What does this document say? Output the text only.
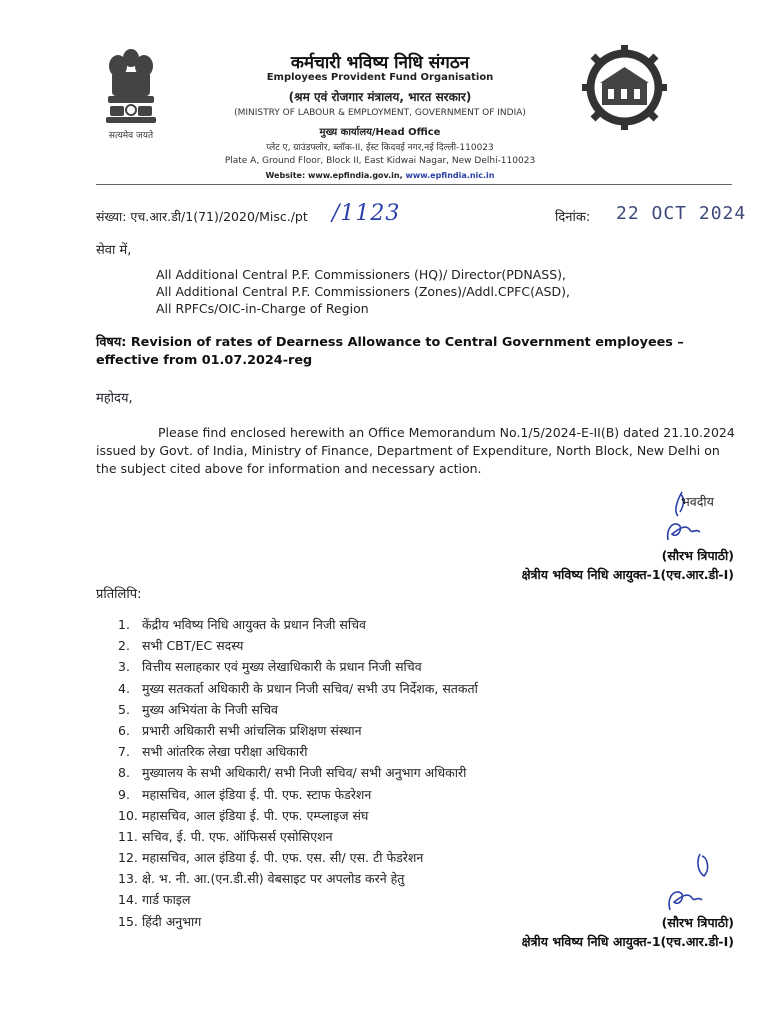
सत्यमेव जयते
कर्मचारी भविष्य निधि संगठन
Employees Provident Fund Organisation
(श्रम एवं रोजगार मंत्रालय, भारत सरकार)
(MINISTRY OF LABOUR & EMPLOYMENT, GOVERNMENT OF INDIA)
मुख्य कार्यालय/Head Office
प्लेट ए, ग्राउंडफ्लोर, ब्लॉक-II, ईस्ट किदवई नगर,नई दिल्ली-110023
Plate A, Ground Floor, Block II, East Kidwai Nagar, New Delhi-110023
Website: www.epfindia.gov.in, www.epfindia.nic.in
संख्या: एच.आर.डी/1(71)/2020/Misc./pt /1123	दिनांक: 22 OCT 2024
सेवा में,
All Additional Central P.F. Commissioners (HQ)/ Director(PDNASS),
All Additional Central P.F. Commissioners (Zones)/Addl.CPFC(ASD),
All RPFCs/OIC-in-Charge of Region
विषय: Revision of rates of Dearness Allowance to Central Government employees –effective from 01.07.2024-reg
महोदय,
Please find enclosed herewith an Office Memorandum No.1/5/2024-E-II(B) dated 21.10.2024 issued by Govt. of India, Ministry of Finance, Department of Expenditure, North Block, New Delhi on the subject cited above for information and necessary action.
भवदीय
(सौरभ त्रिपाठी)
क्षेत्रीय भविष्य निधि आयुक्त-1(एच.आर.डी-I)
प्रतिलिपि:
1. केंद्रीय भविष्य निधि आयुक्त के प्रधान निजी सचिव
2. सभी CBT/EC सदस्य
3. वित्तीय सलाहकार एवं मुख्य लेखाधिकारी के प्रधान निजी सचिव
4. मुख्य सतकर्ता अधिकारी के प्रधान निजी सचिव/ सभी उप निर्देशक, सतकर्ता
5. मुख्य अभियंता के निजी सचिव
6. प्रभारी अधिकारी सभी आंचलिक प्रशिक्षण संस्थान
7. सभी आंतरिक लेखा परीक्षा अधिकारी
8. मुख्यालय के सभी अधिकारी/ सभी निजी सचिव/ सभी अनुभाग अधिकारी
9. महासचिव, आल इंडिया ई. पी. एफ. स्टाफ फेडरेशन
10. महासचिव, आल इंडिया ई. पी. एफ. एम्प्लाइज संघ
11. सचिव, ई. पी. एफ. ऑफिसर्स एसोसिएशन
12. महासचिव, आल इंडिया ई. पी. एफ. एस. सी/ एस. टी फेडरेशन
13. क्षे. भ. नी. आ.(एन.डी.सी) वेबसाइट पर अपलोड करने हेतु
14. गार्ड फाइल
15. हिंदी अनुभाग	(सौरभ त्रिपाठी)
क्षेत्रीय भविष्य निधि आयुक्त-1(एच.आर.डी-I)
